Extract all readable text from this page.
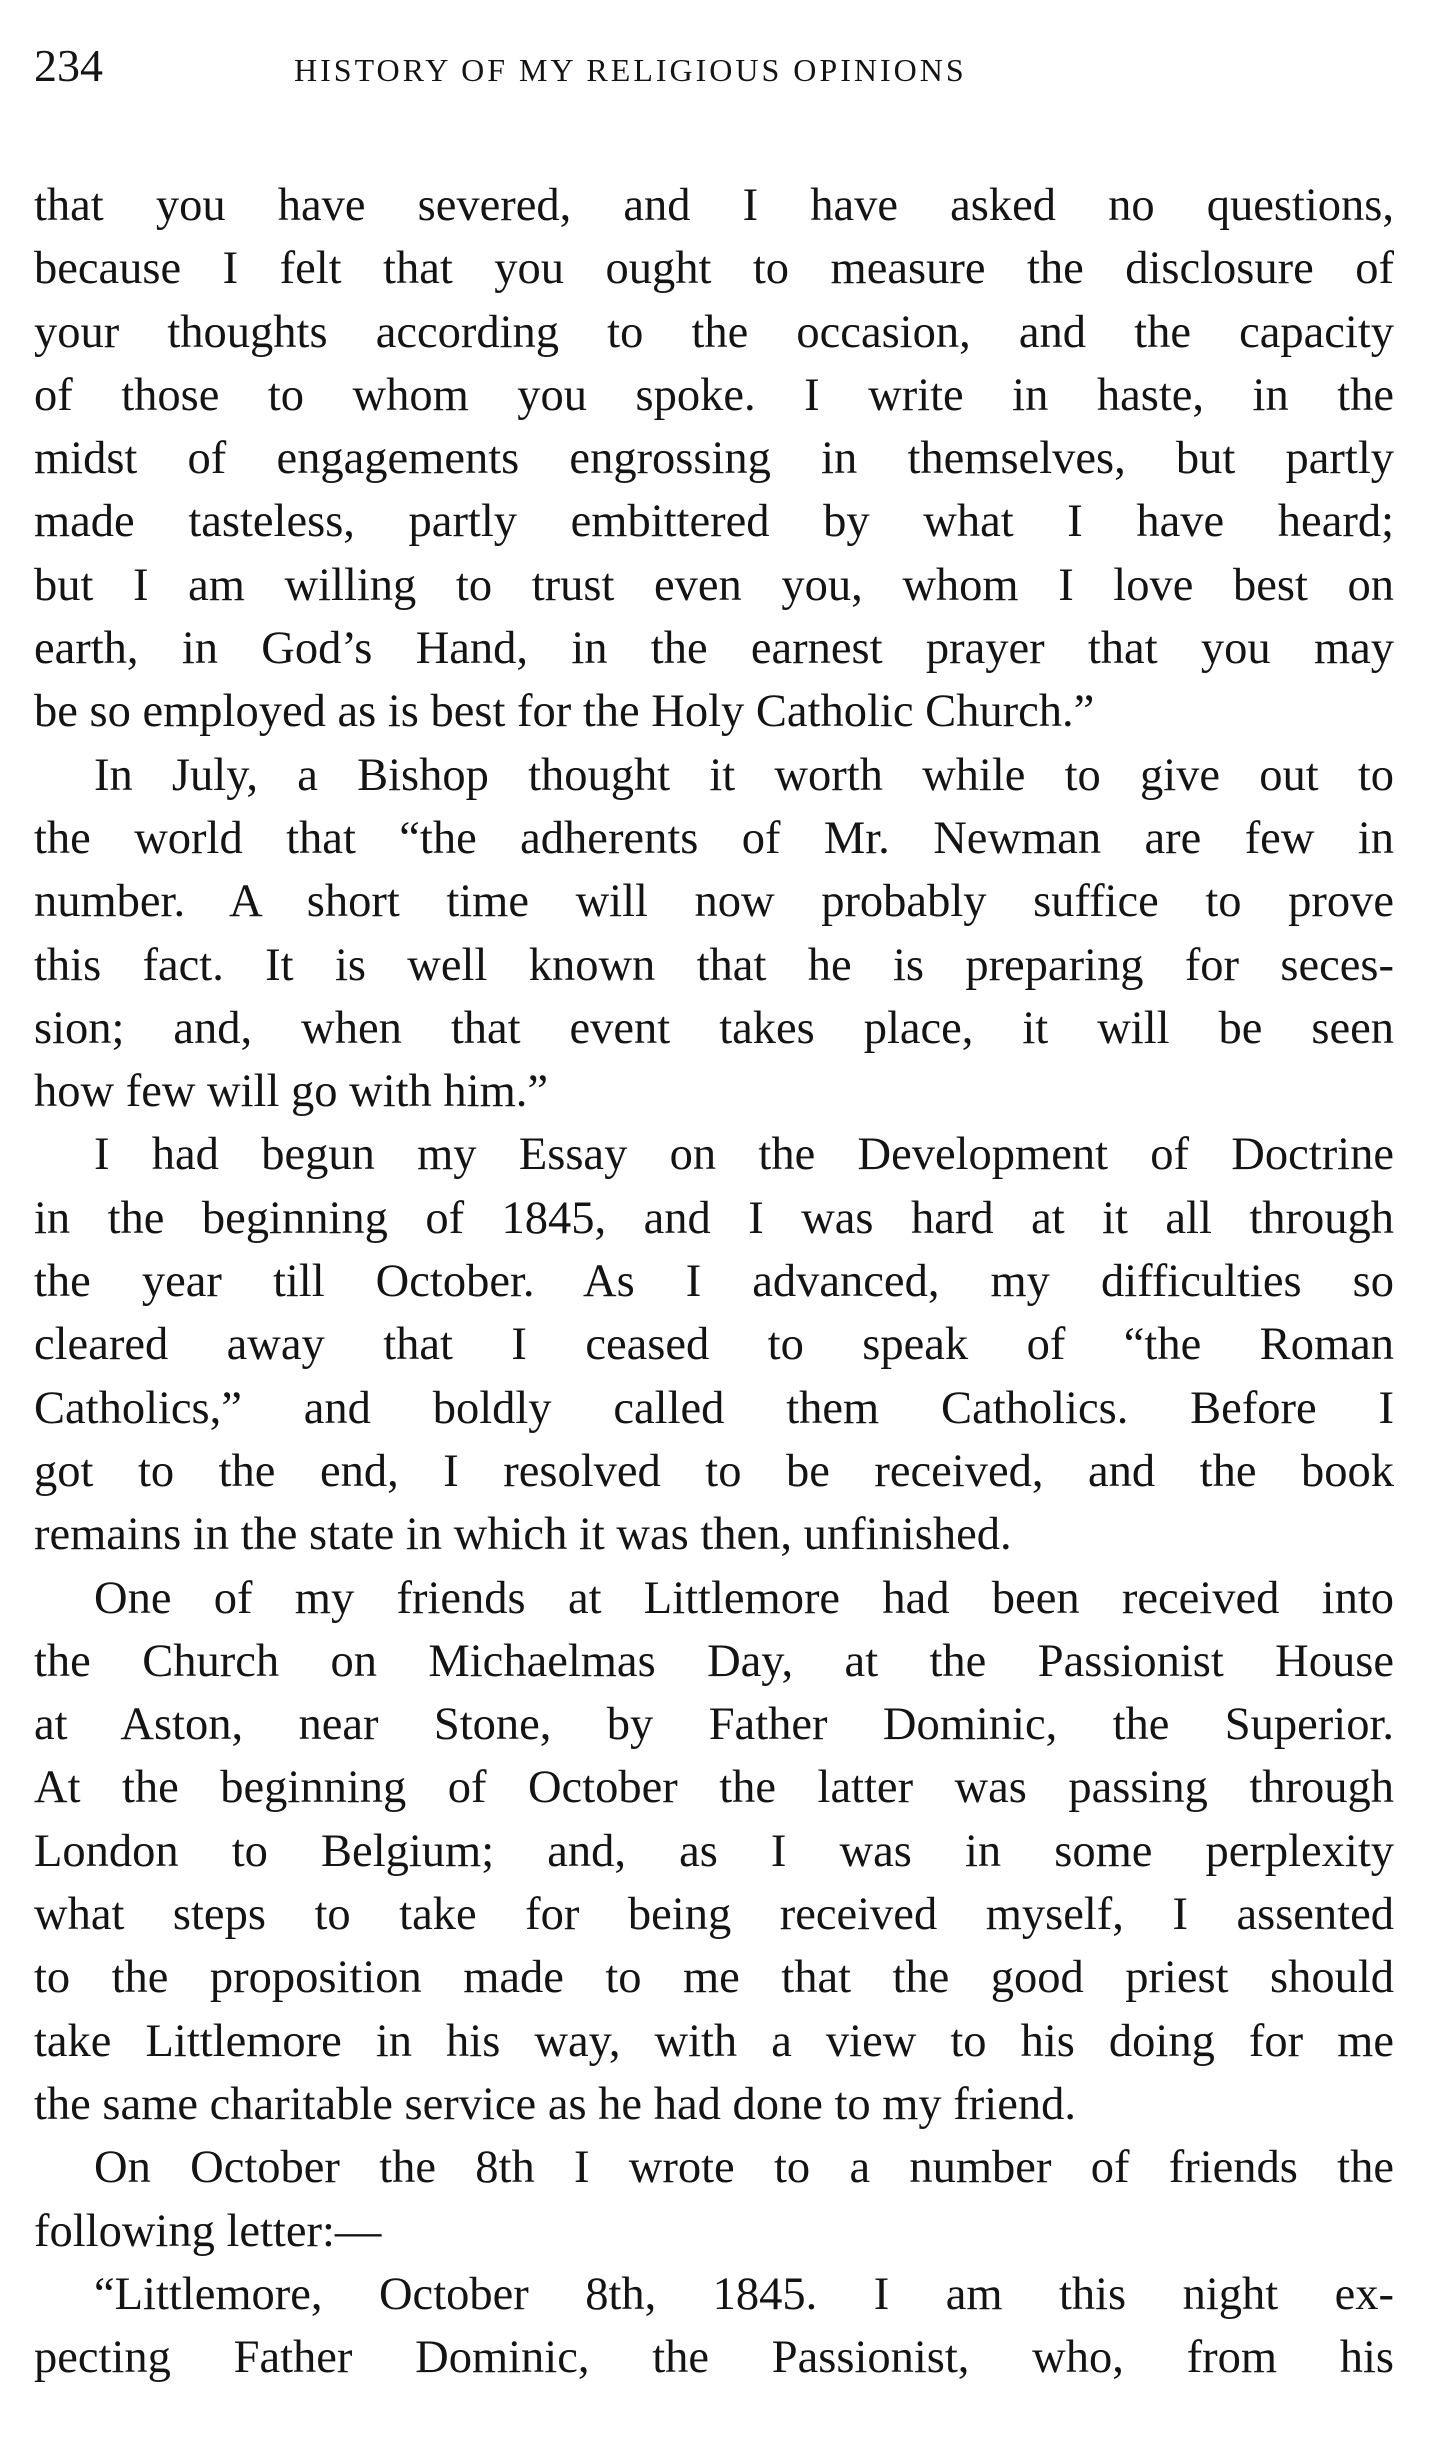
234	HISTORY OF MY RELIGIOUS OPINIONS

that you have severed, and I have asked no questions,
because I felt that you ought to measure the disclosure of
your thoughts according to the occasion, and the capacity
of those to whom you spoke. I write in haste, in the
midst of engagements engrossing in themselves, but partly
made tasteless, partly embittered by what I have heard;
but I am willing to trust even you, whom I love best on
earth, in God’s Hand, in the earnest prayer that you may
be so employed as is best for the Holy Catholic Church.”

In July, a Bishop thought it worth while to give out to
the world that “the adherents of Mr. Newman are few in
number. A short time will now probably suffice to prove
this fact. It is well known that he is preparing for seces-
sion; and, when that event takes place, it will be seen
how few will go with him.”

I had begun my Essay on the Development of Doctrine
in the beginning of 1845, and I was hard at it all through
the year till October. As I advanced, my difficulties so
cleared away that I ceased to speak of “the Roman
Catholics,” and boldly called them Catholics. Before I
got to the end, I resolved to be received, and the book
remains in the state in which it was then, unfinished.

One of my friends at Littlemore had been received into
the Church on Michaelmas Day, at the Passionist House
at Aston, near Stone, by Father Dominic, the Superior.
At the beginning of October the latter was passing through
London to Belgium; and, as I was in some perplexity
what steps to take for being received myself, I assented
to the proposition made to me that the good priest should
take Littlemore in his way, with a view to his doing for me
the same charitable service as he had done to my friend.

On October the 8th I wrote to a number of friends the
following letter:—

“Littlemore, October 8th, 1845. I am this night ex-
pecting Father Dominic, the Passionist, who, from his
